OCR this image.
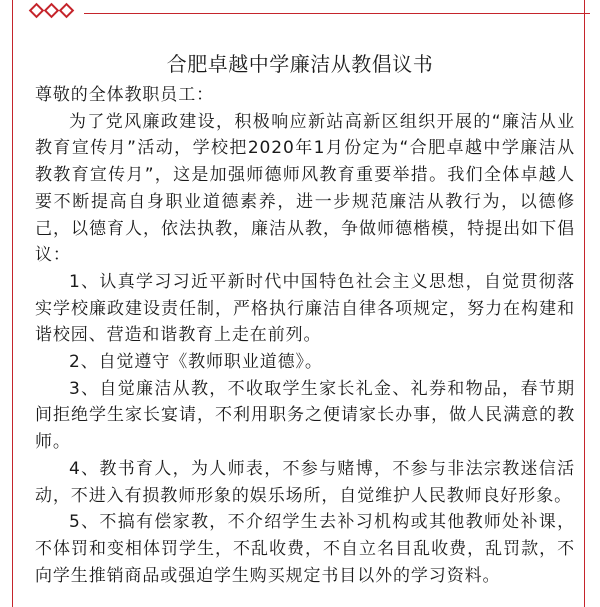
合肥卓越中学廉洁从教倡议书

尊敬的全体教职员工：

为了党风廉政建设，积极响应新站高新区组织开展的“廉洁从业教育宣传月”活动，学校把2020年1月份定为“合肥卓越中学廉洁从教教育宣传月”，这是加强师德师风教育重要举措。我们全体卓越人要不断提高自身职业道德素养，进一步规范廉洁从教行为，以德修己，以德育人，依法执教，廉洁从教，争做师德楷模，特提出如下倡议：

1、认真学习习近平新时代中国特色社会主义思想，自觉贯彻落实学校廉政建设责任制，严格执行廉洁自律各项规定，努力在构建和谐校园、营造和谐教育上走在前列。

2、自觉遵守《教师职业道德》。

3、自觉廉洁从教，不收取学生家长礼金、礼券和物品，春节期间拒绝学生家长宴请，不利用职务之便请家长办事，做人民满意的教师。

4、教书育人，为人师表，不参与赌博，不参与非法宗教迷信活动，不进入有损教师形象的娱乐场所，自觉维护人民教师良好形象。

5、不搞有偿家教，不介绍学生去补习机构或其他教师处补课，不体罚和变相体罚学生，不乱收费，不自立名目乱收费，乱罚款，不向学生推销商品或强迫学生购买规定书目以外的学习资料。
